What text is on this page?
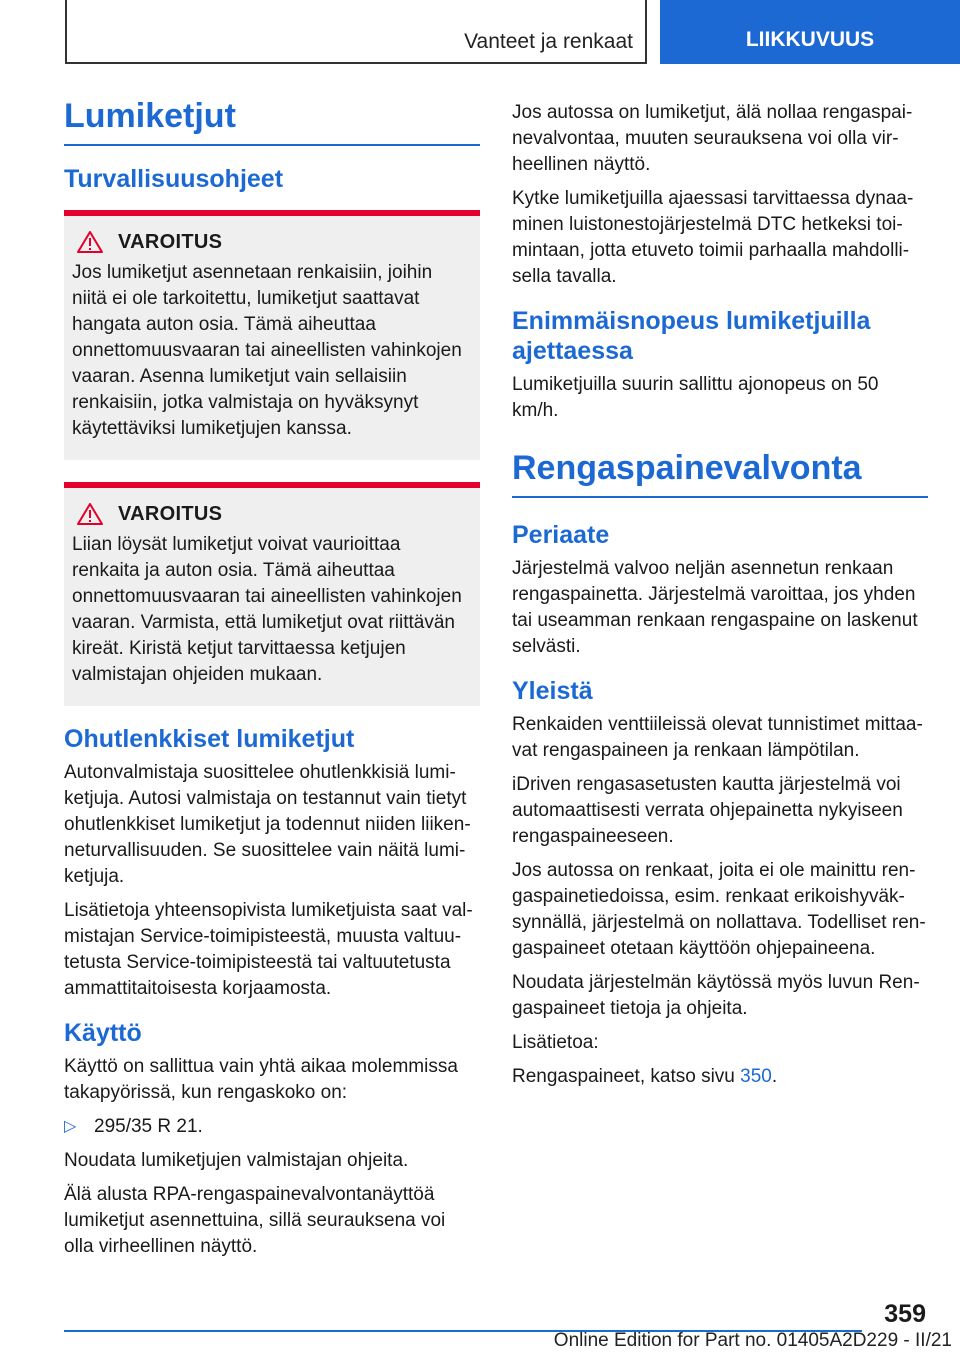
Vanteet ja renkaat	LIIKKUVUUS
Lumiketjut
Turvallisuusohjeet
VAROITUS

Jos lumiketjut asennetaan renkaisiin, joihin niitä ei ole tarkoitettu, lumiketjut saattavat hangata auton osia. Tämä aiheuttaa onnettomuusvaaran tai aineellisten vahinkojen vaaran. Asenna lumiketjut vain sellaisiin renkaisiin, jotka valmistaja on hyväksynyt käytettäviksi lumiketjujen kanssa.

VAROITUS

Liian löysät lumiketjut voivat vaurioittaa renkaita ja auton osia. Tämä aiheuttaa onnettomuusvaaran tai aineellisten vahinkojen vaaran. Varmista, että lumiketjut ovat riittävän kireät. Kiristä ketjut tarvittaessa ketjujen valmistajan ohjeiden mukaan.

Ohutlenkkiset lumiketjut

Autonvalmistaja suosittelee ohutlenkkisiä lumiketjuja. Autosi valmistaja on testannut vain tietyt ohutlenkkiset lumiketjut ja todennut niiden liikenneturvallisuuden. Se suosittelee vain näitä lumiketjuja.

Lisätietoja yhteensopivista lumiketjuista saat valmistajan Service-toimipisteestä, muusta valtuutetusta Service-toimipisteestä tai valtuutetusta ammattitaitoisesta korjaamosta.

Käyttö

Käyttö on sallittua vain yhtä aikaa molemmissa takapyörissä, kun rengaskoko on:

▷ 295/35 R 21.

Noudata lumiketjujen valmistajan ohjeita.

Älä alusta RPA-rengaspainevalvontanäyttöä lumiketjut asennettuina, sillä seurauksena voi olla virheellinen näyttö.

Jos autossa on lumiketjut, älä nollaa rengaspainevalvontaa, muuten seurauksena voi olla virheellinen näyttö.

Kytke lumiketjuilla ajaessasi tarvittaessa dynaaminen luistonestojärjestelmä DTC hetkeksi toimintaan, jotta etuveto toimii parhaalla mahdollisella tavalla.

Enimmäisnopeus lumiketjuilla ajettaessa

Lumiketjuilla suurin sallittu ajonopeus on 50 km/h.

Rengaspainevalvonta
Periaate

Järjestelmä valvoo neljän asennetun renkaan rengaspainetta. Järjestelmä varoittaa, jos yhden tai useamman renkaan rengaspaine on laskenut selvästi.

Yleistä

Renkaiden venttiileissä olevat tunnistimet mittaavat rengaspaineen ja renkaan lämpötilan.

iDriven rengasasetusten kautta järjestelmä voi automaattisesti verrata ohjepainetta nykyiseen rengaspaineeseen.

Jos autossa on renkaat, joita ei ole mainittu rengaspainetiedoissa, esim. renkaat erikoishyväksynnällä, järjestelmä on nollattava. Todelliset rengaspaineet otetaan käyttöön ohjepaineena.

Noudata järjestelmän käytössä myös luvun Rengaspaineet tietoja ja ohjeita.

Lisätietoa:

Rengaspaineet, katso sivu 350.

359
Online Edition for Part no. 01405A2D229 - II/21
